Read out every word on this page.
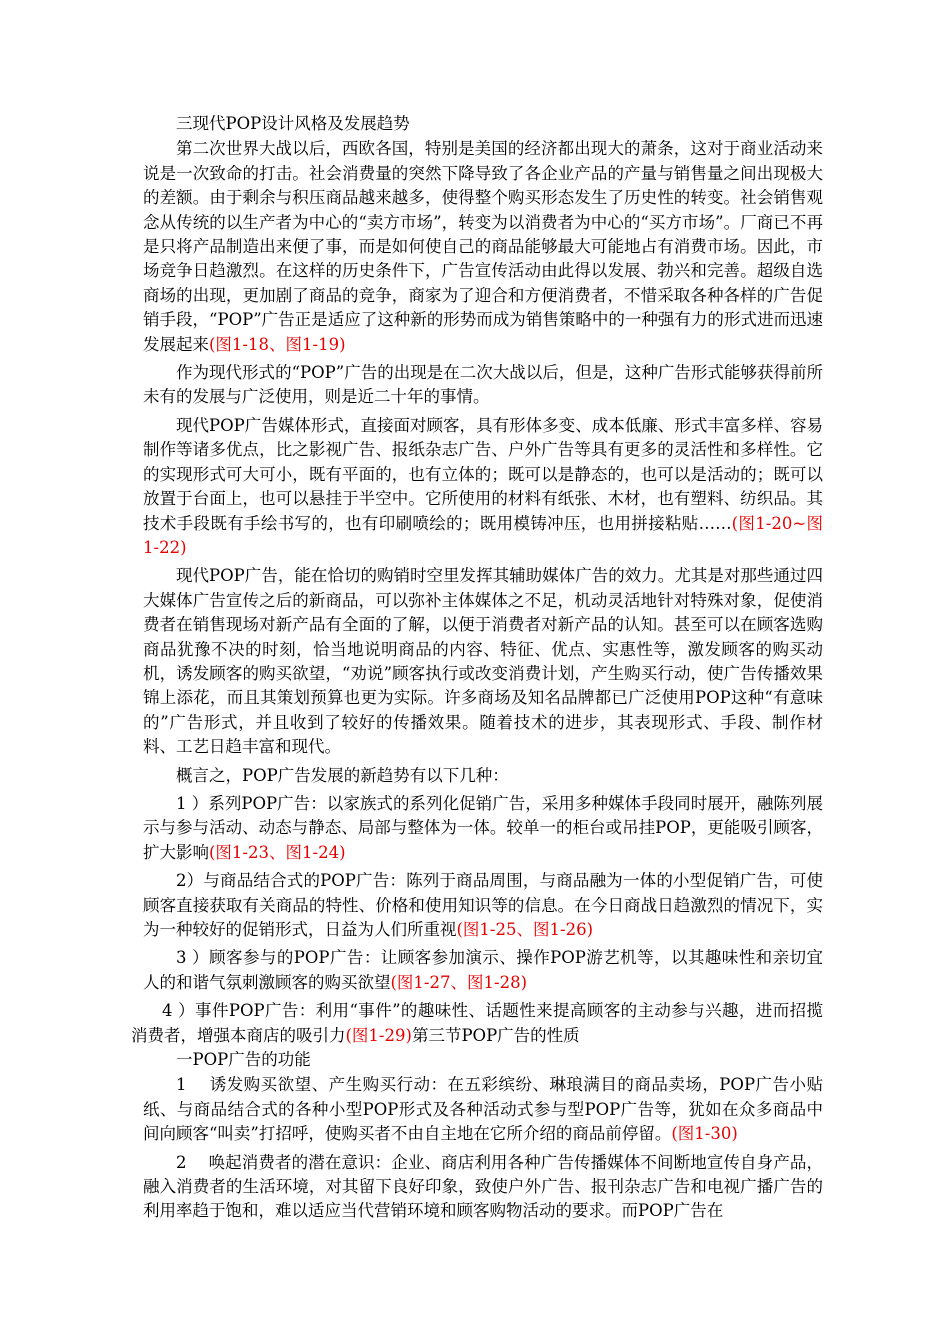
三现代POP设计风格及发展趋势

第二次世界大战以后，西欧各国，特别是美国的经济都出现大的萧条，这对于商业活动来说是一次致命的打击。社会消费量的突然下降导致了各企业产品的产量与销售量之间出现极大的差额。由于剩余与积压商品越来越多，使得整个购买形态发生了历史性的转变。社会销售观念从传统的以生产者为中心的“卖方市场”，转变为以消费者为中心的“买方市场”。厂商已不再是只将产品制造出来便了事，而是如何使自己的商品能够最大可能地占有消费市场。因此，市场竞争日趋激烈。在这样的历史条件下，广告宣传活动由此得以发展、勃兴和完善。超级自选商场的出现，更加剧了商品的竞争，商家为了迎合和方便消费者，不惜采取各种各样的广告促销手段，“POP”广告正是适应了这种新的形势而成为销售策略中的一种强有力的形式进而迅速发展起来(图1-18、图1-19)

作为现代形式的“POP”广告的出现是在二次大战以后，但是，这种广告形式能够获得前所未有的发展与广泛使用，则是近二十年的事情。

现代POP广告媒体形式，直接面对顾客，具有形体多变、成本低廉、形式丰富多样、容易制作等诸多优点，比之影视广告、报纸杂志广告、户外广告等具有更多的灵活性和多样性。它的实现形式可大可小，既有平面的，也有立体的；既可以是静态的，也可以是活动的；既可以放置于台面上，也可以悬挂于半空中。它所使用的材料有纸张、木材，也有塑料、纺织品。其技术手段既有手绘书写的，也有印刷喷绘的；既用模铸冲压，也用拼接粘贴……(图1-20~图1-22)

现代POP广告，能在恰切的购销时空里发挥其辅助媒体广告的效力。尤其是对那些通过四大媒体广告宣传之后的新商品，可以弥补主体媒体之不足，机动灵活地针对特殊对象，促使消费者在销售现场对新产品有全面的了解，以便于消费者对新产品的认知。甚至可以在顾客选购商品犹豫不决的时刻，恰当地说明商品的内容、特征、优点、实惠性等，激发顾客的购买动机，诱发顾客的购买欲望，“劝说”顾客执行或改变消费计划，产生购买行动，使广告传播效果锦上添花，而且其策划预算也更为实际。许多商场及知名品牌都已广泛使用POP这种“有意味的”广告形式，并且收到了较好的传播效果。随着技术的进步，其表现形式、手段、制作材料、工艺日趋丰富和现代。

概言之，POP广告发展的新趋势有以下几种：

1 ）系列POP广告：以家族式的系列化促销广告，采用多种媒体手段同时展开，融陈列展示与参与活动、动态与静态、局部与整体为一体。较单一的柜台或吊挂POP，更能吸引顾客，扩大影响(图1-23、图1-24)

2）与商品结合式的POP广告：陈列于商品周围，与商品融为一体的小型促销广告，可使顾客直接获取有关商品的特性、价格和使用知识等的信息。在今日商战日趋激烈的情况下，实为一种较好的促销形式，日益为人们所重视(图1-25、图1-26)

3 ）顾客参与的POP广告：让顾客参加演示、操作POP游艺机等，以其趣味性和亲切宜人的和谐气氛刺激顾客的购买欲望(图1-27、图1-28)

4 ）事件POP广告：利用“事件”的趣味性、话题性来提高顾客的主动参与兴趣，进而招揽消费者，增强本商店的吸引力(图1-29)第三节POP广告的性质

一POP广告的功能

1　 诱发购买欲望、产生购买行动：在五彩缤纷、琳琅满目的商品卖场，POP广告小贴纸、与商品结合式的各种小型POP形式及各种活动式参与型POP广告等，犹如在众多商品中间向顾客“叫卖”打招呼，使购买者不由自主地在它所介绍的商品前停留。(图1-30)

2　 唤起消费者的潜在意识：企业、商店利用各种广告传播媒体不间断地宣传自身产品，融入消费者的生活环境，对其留下良好印象，致使户外广告、报刊杂志广告和电视广播广告的利用率趋于饱和，难以适应当代营销环境和顾客购物活动的要求。而POP广告在
